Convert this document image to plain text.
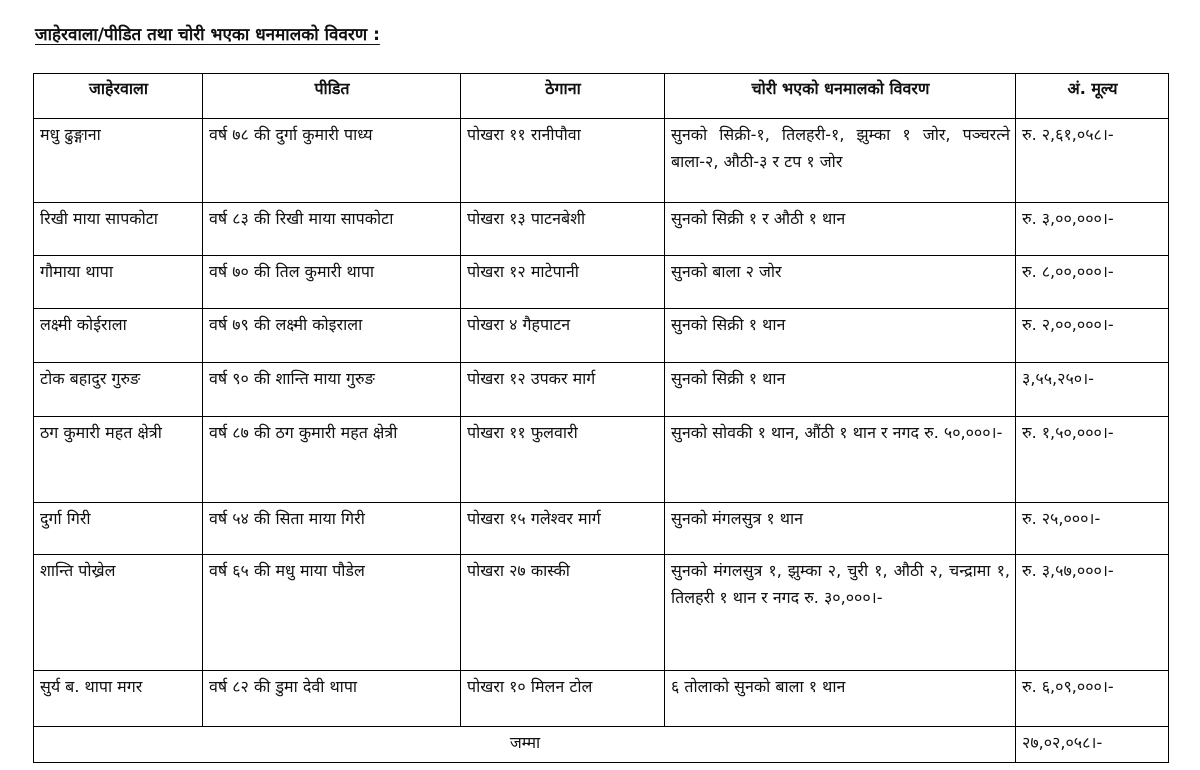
जाहेरवाला/पीडित तथा चोरी भएका धनमालको विवरण :
जाहेरवाला	पीडित	ठेगाना	चोरी भएको धनमालको विवरण	अं. मूल्य
मधु ढुङ्गाना	वर्ष ७८ की दुर्गा कुमारी पाध्य	पोखरा ११ रानीपौवा	सुनको सिक्री-१, तिलहरी-१, झुम्का १ जोर, पञ्चरत्ने बाला-२, औठी-३ र टप १ जोर	रु. २,६१,०५८।-
रिखी माया सापकोटा	वर्ष ८३ की रिखी माया सापकोटा	पोखरा १३ पाटनबेशी	सुनको सिक्री १ र औठी १ थान	रु. ३,००,०००।-
गौमाया थापा	वर्ष ७० की तिल कुमारी थापा	पोखरा १२ माटेपानी	सुनको बाला २ जोर	रु. ८,००,०००।-
लक्ष्मी कोईराला	वर्ष ७९ की लक्ष्मी कोइराला	पोखरा ४ गैहपाटन	सुनको सिक्री १ थान	रु. २,००,०००।-
टोक बहादुर गुरुङ	वर्ष ९० की शान्ति माया गुरुङ	पोखरा १२ उपकर मार्ग	सुनको सिक्री १ थान	३,५५,२५०।-
ठग कुमारी महत क्षेत्री	वर्ष ८७ की ठग कुमारी महत क्षेत्री	पोखरा ११ फुलवारी	सुनको सोवकी १ थान, औंठी १ थान र नगद रु. ५०,०००।-	रु. १,५०,०००।-
दुर्गा गिरी	वर्ष ५४ की सिता माया गिरी	पोखरा १५ गलेश्वर मार्ग	सुनको मंगलसुत्र १ थान	रु. २५,०००।-
शान्ति पोख्रेल	वर्ष ६५ की मधु माया पौडेल	पोखरा २७ कास्की	सुनको मंगलसुत्र १, झुम्का २, चुरी १, औठी २, चन्द्रामा १, तिलहरी १ थान र नगद रु. ३०,०००।-	रु. ३,५७,०००।-
सुर्य ब. थापा मगर	वर्ष ८२ की डुमा देवी थापा	पोखरा १० मिलन टोल	६ तोलाको सुनको बाला १ थान	रु. ६,०९,०००।-
जम्मा				२७,०२,०५८।-
